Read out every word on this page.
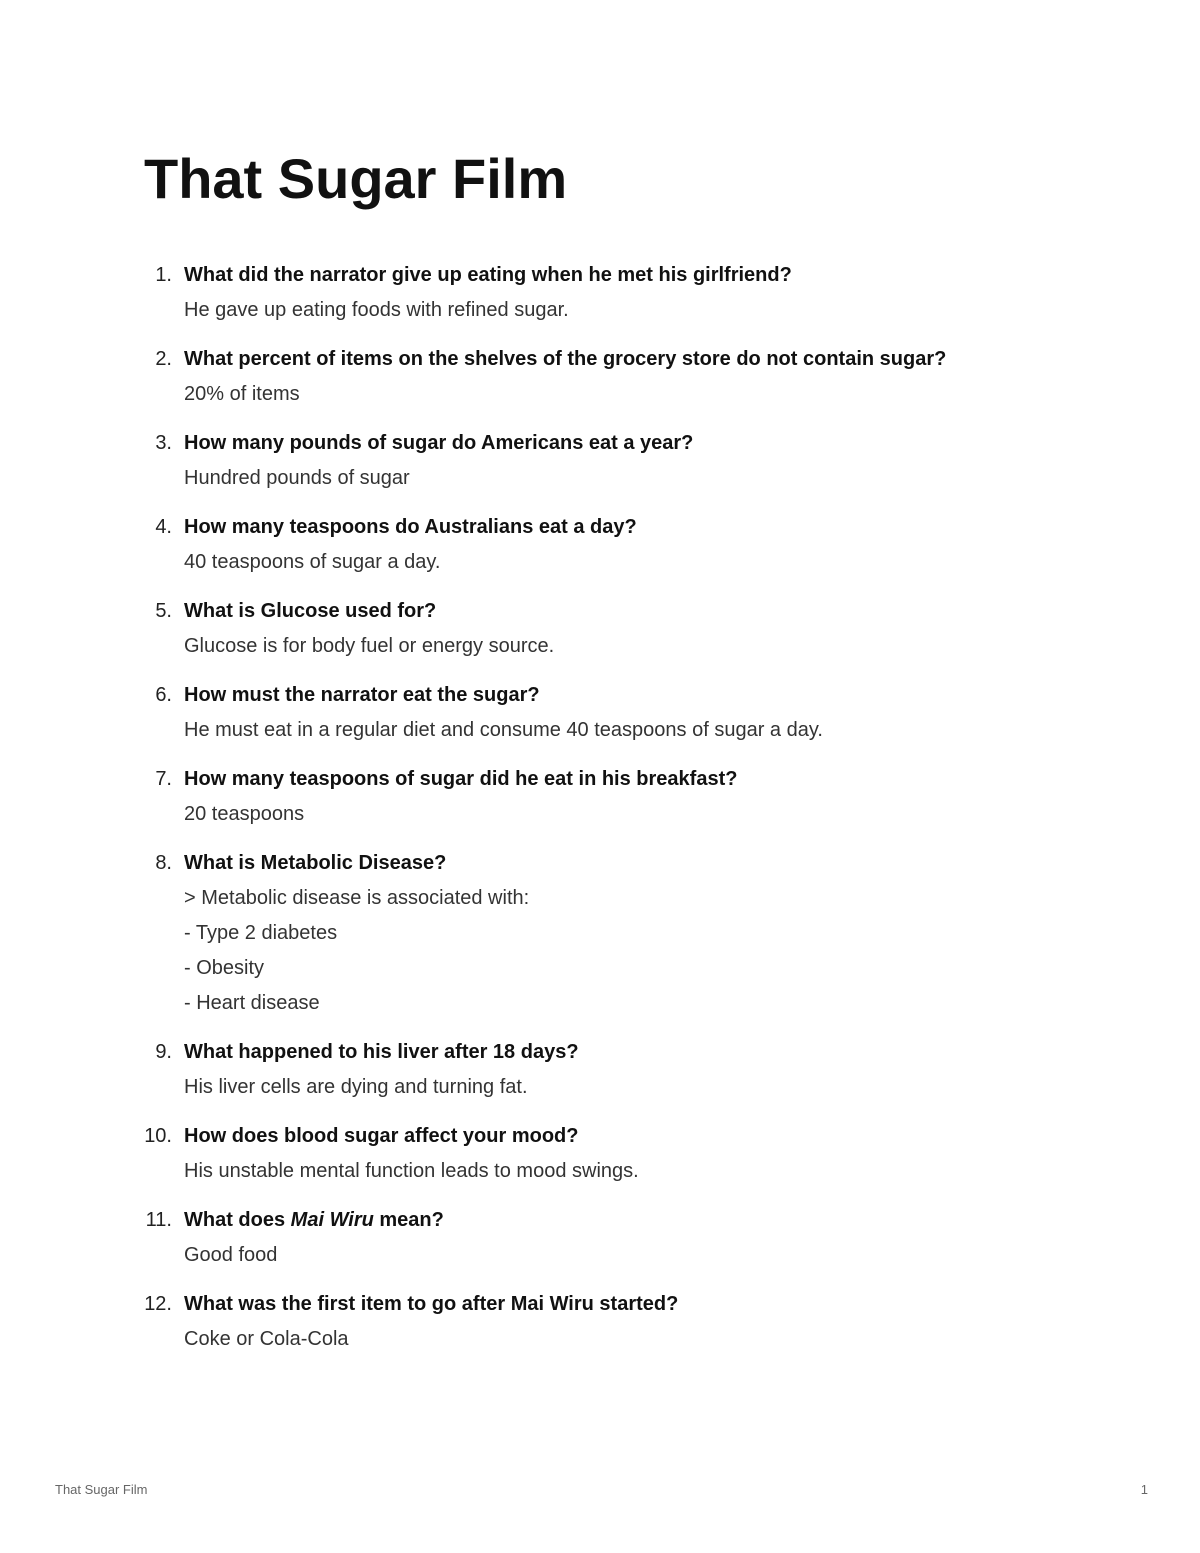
That Sugar Film
1. What did the narrator give up eating when he met his girlfriend?
He gave up eating foods with refined sugar.
2. What percent of items on the shelves of the grocery store do not contain sugar?
20% of items
3. How many pounds of sugar do Americans eat a year?
Hundred pounds of sugar
4. How many teaspoons do Australians eat a day?
40 teaspoons of sugar a day.
5. What is Glucose used for?
Glucose is for body fuel or energy source.
6. How must the narrator eat the sugar?
He must eat in a regular diet and consume 40 teaspoons of sugar a day.
7. How many teaspoons of sugar did he eat in his breakfast?
20 teaspoons
8. What is Metabolic Disease?
> Metabolic disease is associated with:
- Type 2 diabetes
- Obesity
- Heart disease
9. What happened to his liver after 18 days?
His liver cells are dying and turning fat.
10. How does blood sugar affect your mood?
His unstable mental function leads to mood swings.
11. What does Mai Wiru mean?
Good food
12. What was the first item to go after Mai Wiru started?
Coke or Cola-Cola
That Sugar Film	1
